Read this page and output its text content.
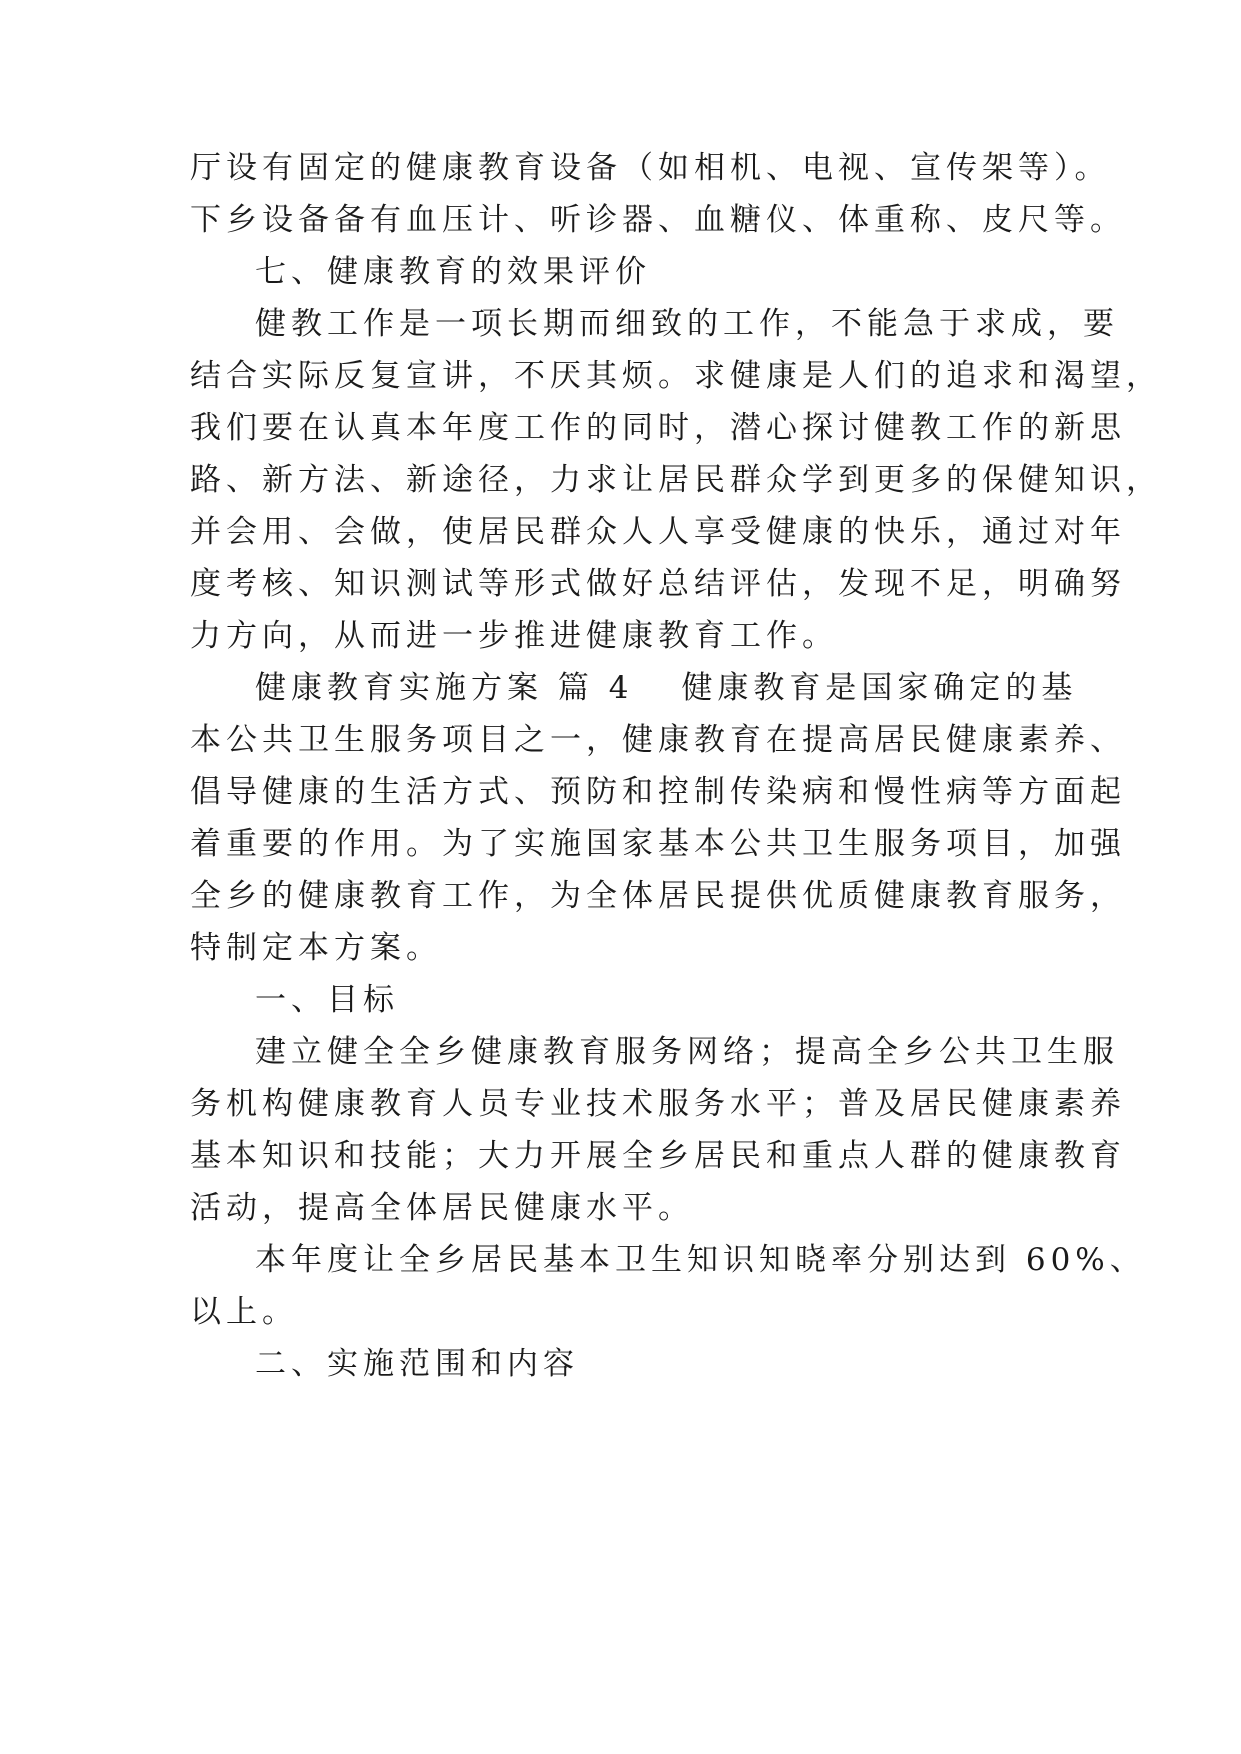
厅设有固定的健康教育设备（如相机、电视、宣传架等）。
下乡设备备有血压计、听诊器、血糖仪、体重称、皮尺等。
七、健康教育的效果评价
健教工作是一项长期而细致的工作，不能急于求成，要
结合实际反复宣讲，不厌其烦。求健康是人们的追求和渴望，
我们要在认真本年度工作的同时，潜心探讨健教工作的新思
路、新方法、新途径，力求让居民群众学到更多的保健知识，
并会用、会做，使居民群众人人享受健康的快乐，通过对年
度考核、知识测试等形式做好总结评估，发现不足，明确努
力方向，从而进一步推进健康教育工作。
健康教育实施方案 篇 4 健康教育是国家确定的基
本公共卫生服务项目之一，健康教育在提高居民健康素养、
倡导健康的生活方式、预防和控制传染病和慢性病等方面起
着重要的作用。为了实施国家基本公共卫生服务项目，加强
全乡的健康教育工作，为全体居民提供优质健康教育服务，
特制定本方案。
一、目标
建立健全全乡健康教育服务网络；提高全乡公共卫生服
务机构健康教育人员专业技术服务水平；普及居民健康素养
基本知识和技能；大力开展全乡居民和重点人群的健康教育
活动，提高全体居民健康水平。
本年度让全乡居民基本卫生知识知晓率分别达到 60%、
以上。
二、实施范围和内容
